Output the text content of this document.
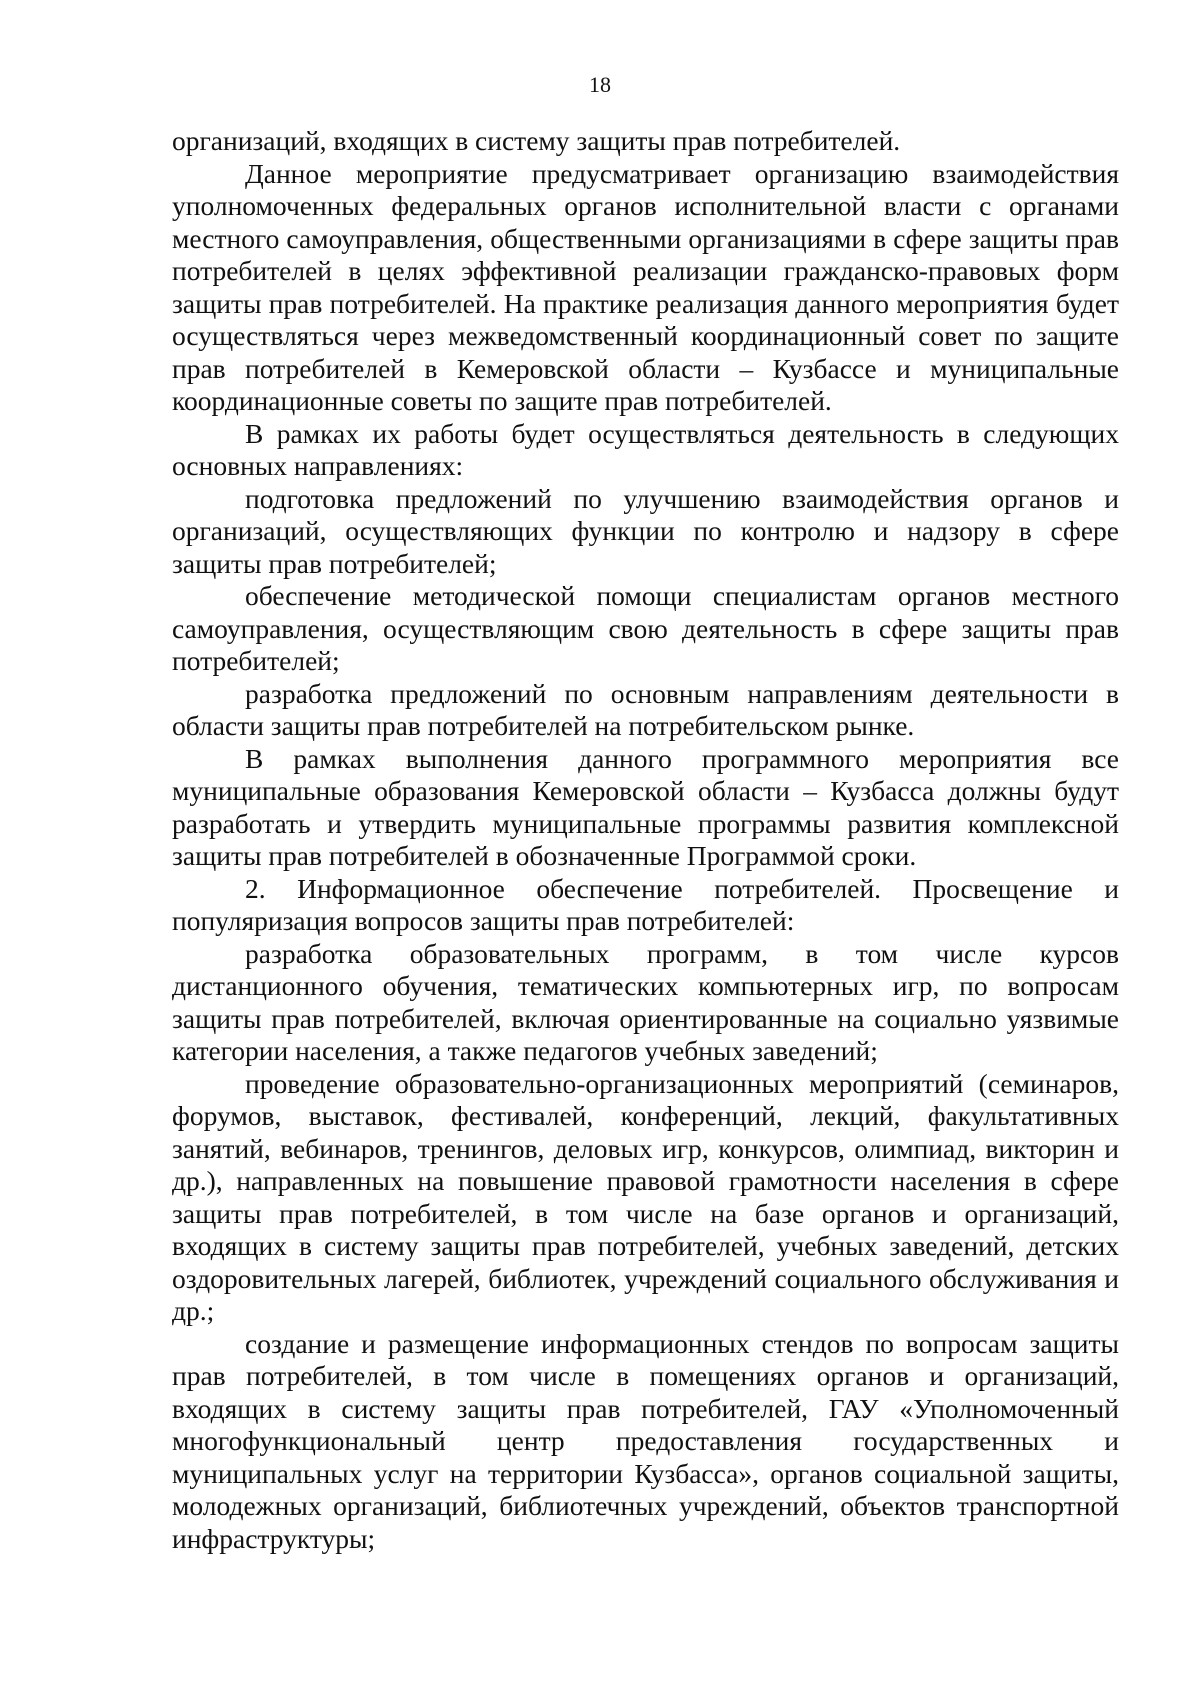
18

организаций, входящих в систему защиты прав потребителей.

Данное мероприятие предусматривает организацию взаимодействия уполномоченных федеральных органов исполнительной власти с органами местного самоуправления, общественными организациями в сфере защиты прав потребителей в целях эффективной реализации гражданско-правовых форм защиты прав потребителей. На практике реализация данного мероприятия будет осуществляться через межведомственный координационный совет по защите прав потребителей в Кемеровской области – Кузбассе и муниципальные координационные советы по защите прав потребителей.

В рамках их работы будет осуществляться деятельность в следующих основных направлениях:

подготовка предложений по улучшению взаимодействия органов и организаций, осуществляющих функции по контролю и надзору в сфере защиты прав потребителей;

обеспечение методической помощи специалистам органов местного самоуправления, осуществляющим свою деятельность в сфере защиты прав потребителей;

разработка предложений по основным направлениям деятельности в области защиты прав потребителей на потребительском рынке.

В рамках выполнения данного программного мероприятия все муниципальные образования Кемеровской области – Кузбасса должны будут разработать и утвердить муниципальные программы развития комплексной защиты прав потребителей в обозначенные Программой сроки.

2. Информационное обеспечение потребителей. Просвещение и популяризация вопросов защиты прав потребителей:

разработка образовательных программ, в том числе курсов дистанционного обучения, тематических компьютерных игр, по вопросам защиты прав потребителей, включая ориентированные на социально уязвимые категории населения, а также педагогов учебных заведений;

проведение образовательно-организационных мероприятий (семинаров, форумов, выставок, фестивалей, конференций, лекций, факультативных занятий, вебинаров, тренингов, деловых игр, конкурсов, олимпиад, викторин и др.), направленных на повышение правовой грамотности населения в сфере защиты прав потребителей, в том числе на базе органов и организаций, входящих в систему защиты прав потребителей, учебных заведений, детских оздоровительных лагерей, библиотек, учреждений социального обслуживания и др.;

создание и размещение информационных стендов по вопросам защиты прав потребителей, в том числе в помещениях органов и организаций, входящих в систему защиты прав потребителей, ГАУ «Уполномоченный многофункциональный центр предоставления государственных и муниципальных услуг на территории Кузбасса», органов социальной защиты, молодежных организаций, библиотечных учреждений, объектов транспортной инфраструктуры;
